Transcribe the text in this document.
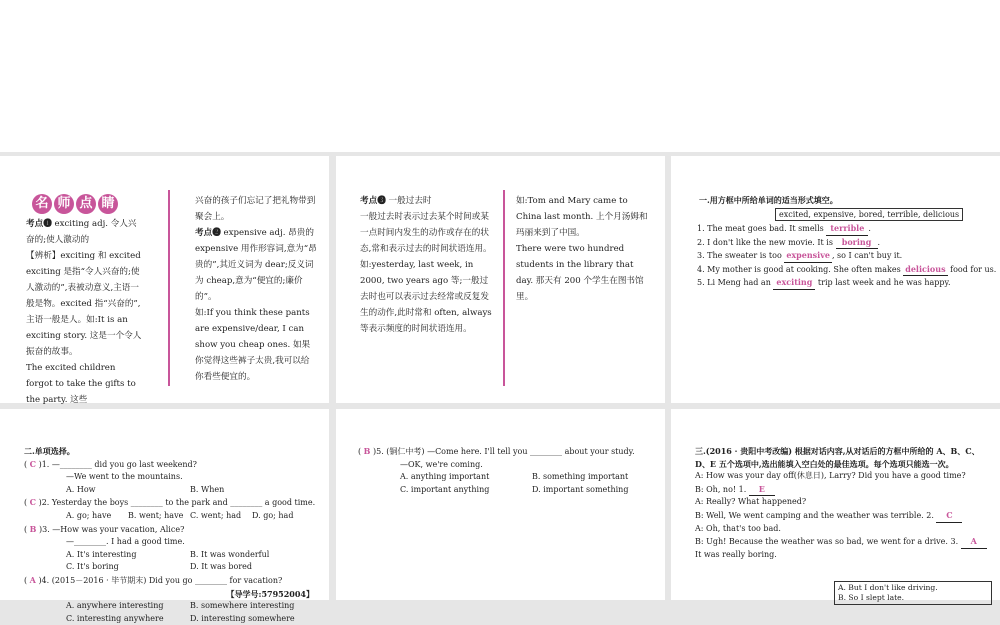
名 师 点 睛
考点❶ exciting adj. 令人兴奋的;使人激动的
【辨析】exciting 和 excited
exciting 是指“令人兴奋的;使人激动的”,表被动意义,主语一般是物。excited 指“兴奋的”,主语一般是人。如:It is an exciting story. 这是一个令人振奋的故事。
The excited children forgot to take the gifts to the party. 这些
兴奋的孩子们忘记了把礼物带到聚会上。
考点❷ expensive adj. 昂贵的 expensive 用作形容词,意为“昂贵的”,其近义词为 dear;反义词为 cheap,意为“便宜的;廉价的”。
如:If you think these pants are expensive/dear, I can show you cheap ones. 如果你觉得这些裤子太贵,我可以给你看些便宜的。
考点❸ 一般过去时
一般过去时表示过去某个时间或某一点时间内发生的动作或存在的状态,常和表示过去的时间状语连用。如:yesterday, last week, in 2000, two years ago 等;一般过去时也可以表示过去经常或反复发生的动作,此时常和 often, always 等表示频度的时间状语连用。
如:Tom and Mary came to China last month. 上个月汤姆和玛丽来到了中国。
There were two hundred students in the library that day. 那天有 200 个学生在图书馆里。
一.用方框中所给单词的适当形式填空。
excited, expensive, bored, terrible, delicious
1. The meat goes bad. It smells terrible .
2. I don't like the new movie. It is boring .
3. The sweater is too expensive , so I can't buy it.
4. My mother is good at cooking. She often makes delicious food for us.
5. Li Meng had an exciting trip last week and he was happy.
二.单项选择。
( C )1. —________ did you go last weekend?
—We went to the mountains.
A. How	B. When
( C )2. Yesterday the boys ________ to the park and ________ a good time.
A. go; have	B. went; have C. went; had	D. go; had
( B )3. —How was your vacation, Alice?
—________. I had a good time.
A. It's interesting	B. It was wonderful
C. It's boring	D. It was bored
( A )4. (2015－2016 · 毕节期末) Did you go ________ for vacation?
【导学号:57952004】
A. anywhere interesting	B. somewhere interesting
C. interesting anywhere	D. interesting somewhere
( B )5. (铜仁中考) —Come here. I'll tell you ________ about your study.
—OK, we're coming.
A. anything important	B. something important
C. important anything	D. important something
三.(2016 · 贵阳中考改编) 根据对话内容,从对话后的方框中所给的 A、B、C、D、E 五个选项中,选出能填入空白处的最佳选项。每个选项只能选一次。
A: How was your day off(休息日), Larry? Did you have a good time?
B: Oh, no! 1. E
A: Really? What happened?
B: Well, We went camping and the weather was terrible. 2. C
A: Oh, that's too bad.
B: Ugh! Because the weather was so bad, we went for a drive. 3. A It was really boring.
A. But I don't like driving.
B. So I slept late.
